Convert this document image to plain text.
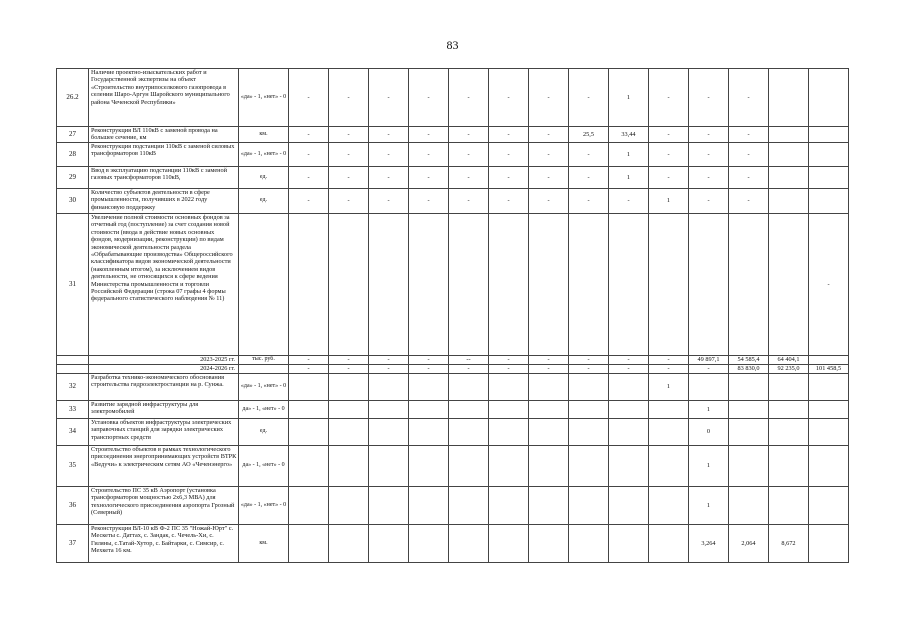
83
26.2	Наличие проектно-изыскательских работ и Государственной экспертизы на объект «Строительство внутрипоселкового газопровода в селении Шаро-Аргун Шаройского муниципального района Чеченской Республики»	«да» - 1, «нет» - 0	-	-	-	-	-	-	-	-	1	-	-	-		
27	Реконструкция ВЛ 110кВ с заменой провода на большее сечение, км	км.	-	-	-	-	-	-	-	25,5	33,44	-	-	-		
28	Реконструкция подстанции 110кВ с заменой силовых трансформаторов 110кВ	«да» - 1, «нет» - 0	-	-	-	-	-	-	-	-	1	-	-	-		
29	Ввод в эксплуатацию подстанции 110кВ с заменой газовых трансформаторов 110кВ,	ед.	-	-	-	-	-	-	-	-	1	-	-	-		
30	Количество субъектов деятельности в сфере промышленности, получивших в 2022 году финансовую поддержку	ед.	-	-	-	-	-	-	-	-	-	1	-	-		
31	Увеличение полной стоимости основных фондов за отчетный год (поступление) за счет создания новой стоимости (ввода в действие новых основных фондов, модернизации, реконструкции) по видам экономической деятельности раздела «Обрабатывающие производства» Общероссийского классификатора видов экономической деятельности (накопленным итогом), за исключением видов деятельности, не относящихся к сфере ведения Министерства промышленности и торговли Российской Федерации (строка 07 графы 4 формы федерального статистического наблюдения № 11)															-
	2023-2025 гг.	тыс. руб.	-	-	-	-	--	-	-	-	-	-	49 897,1	54 585,4	64 404,1	
	2024-2026 гг.		-	-	-	-	-	-	-	-	-	-	-	83 830,0	92 235,0	101 458,5
32	Разработка технико-экономического обоснования строительства гидроэлектростанции на р. Сунжа.	«да» - 1, «нет» - 0										1				
33	Развитие зарядной инфраструктуры для электромобилей	да» - 1, «нет» - 0											1			
34	Установка объектов инфраструктуры электрических заправочных станций для зарядки электрических транспортных средств	ед.											0			
35	Строительство объектов в рамках технологического присоединения энергопринимающих устройств ВТРК «Ведучи» к электрическим сетям АО «Чеченэнерго»	да» - 1, «нет» - 0											1			
36	Строительство ПС 35 кВ Аэропорт (установка трансформаторов мощностью 2х6,3 МВА) для технологического присоединения аэропорта Грозный (Северный)	«да» - 1, «нет» - 0											1			
37	Реконструкция ВЛ-10 кВ Ф-2 ПС 35 "Ножай-Юрт" с. Мескеты с. Даттах, с. Зандак, с. Чечель-Хи, с. Гиляны, с.Татай-Хутор, с. Байтарки, с. Симсир, с. Мехкета 16 км.	км.											3,264	2,064	8,672	
